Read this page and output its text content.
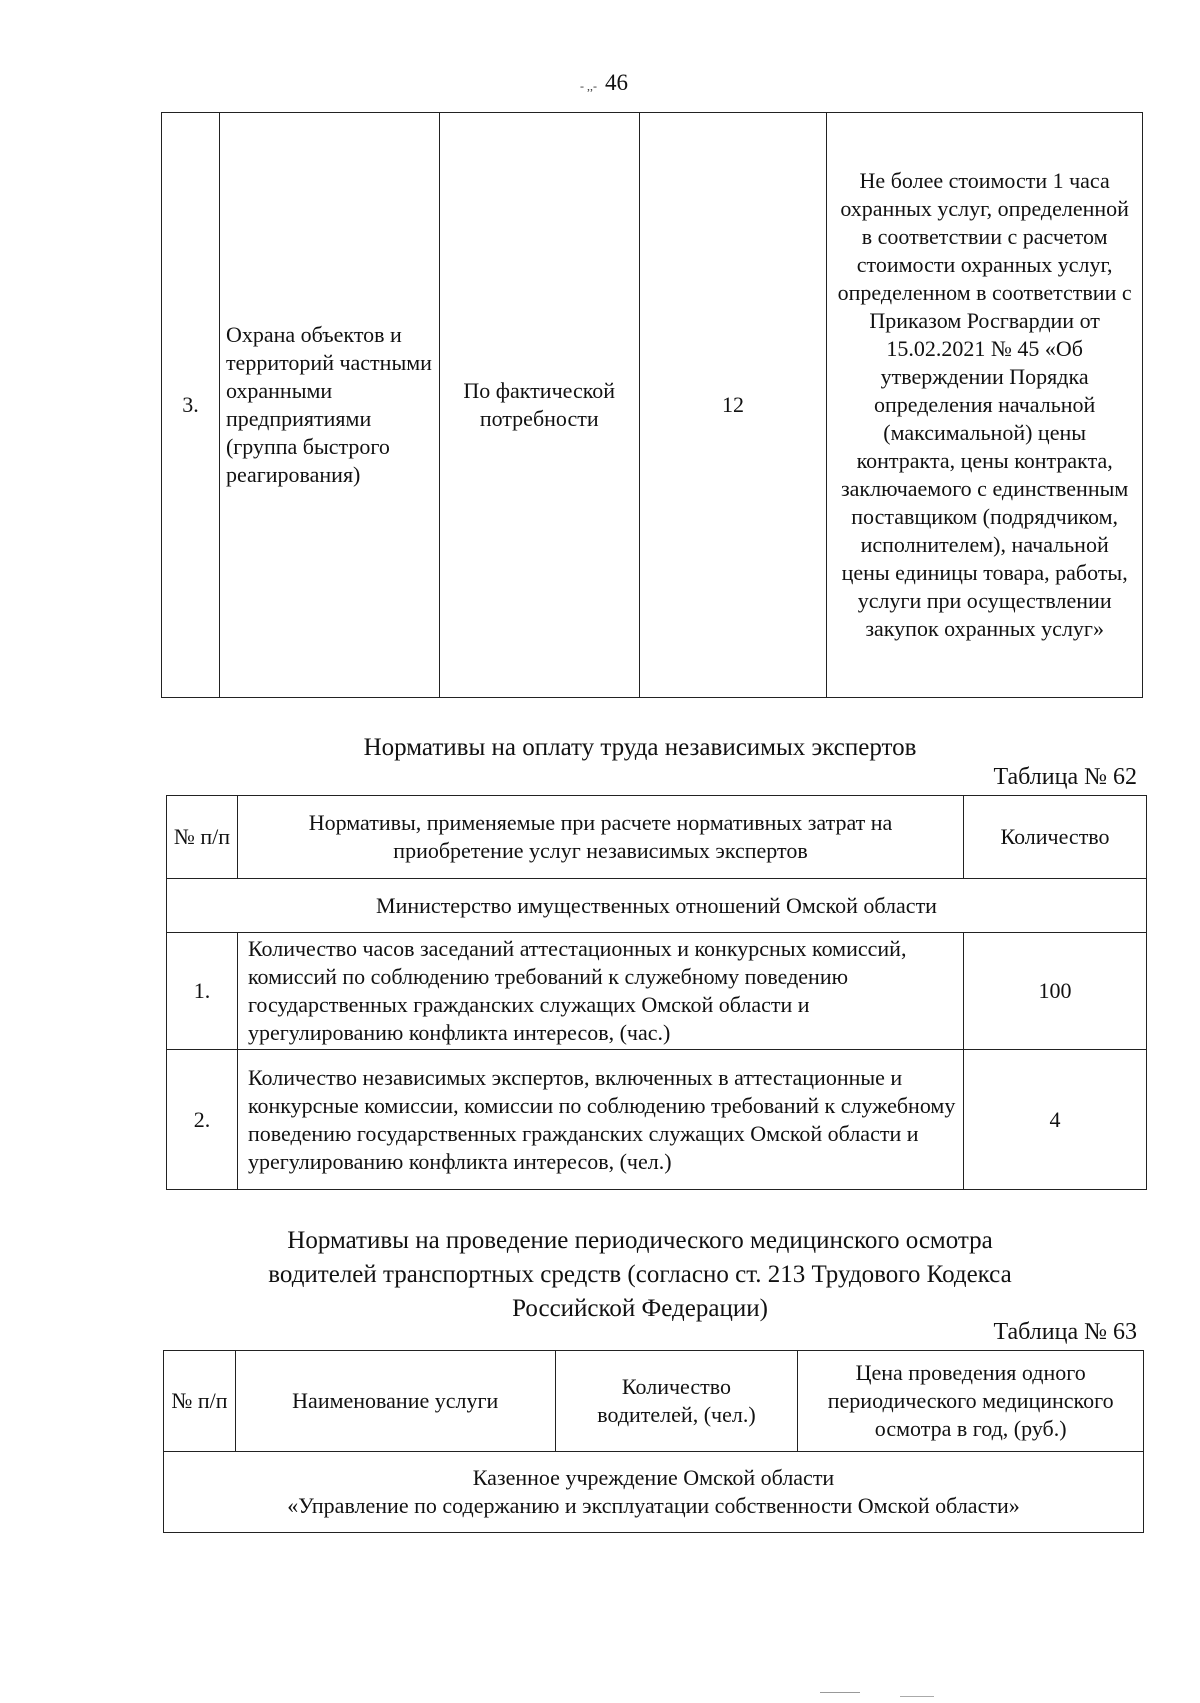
- ,,- 46
3.	Охрана объектов и территорий частными охранными предприятиями (группа быстрого реагирования)	По фактической потребности	12	Не более стоимости 1 часа охранных услуг, определенной в соответствии с расчетом стоимости охранных услуг, определенном в соответствии с Приказом Росгвардии от 15.02.2021 № 45 «Об утверждении Порядка определения начальной (максимальной) цены контракта, цены контракта, заключаемого с единственным поставщиком (подрядчиком, исполнителем), начальной цены единицы товара, работы, услуги при осуществлении закупок охранных услуг»
Нормативы на оплату труда независимых экспертов
Таблица № 62
№ п/п	Нормативы, применяемые при расчете нормативных затрат на приобретение услуг независимых экспертов	Количество
Министерство имущественных отношений Омской области		
1.	Количество часов заседаний аттестационных и конкурсных комиссий, комиссий по соблюдению требований к служебному поведению государственных гражданских служащих Омской области и урегулированию конфликта интересов, (час.)	100
2.	Количество независимых экспертов, включенных в аттестационные и конкурсные комиссии, комиссии по соблюдению требований к служебному поведению государственных гражданских служащих Омской области и урегулированию конфликта интересов, (чел.)	4
Нормативы на проведение периодического медицинского осмотра
водителей транспортных средств (согласно ст. 213 Трудового Кодекса
Российской Федерации)
Таблица № 63
№ п/п	Наименование услуги	Количество водителей, (чел.)	Цена проведения одного периодического медицинского осмотра в год, (руб.)

Казенное учреждение Омской области
«Управление по содержанию и эксплуатации собственности Омской области»
